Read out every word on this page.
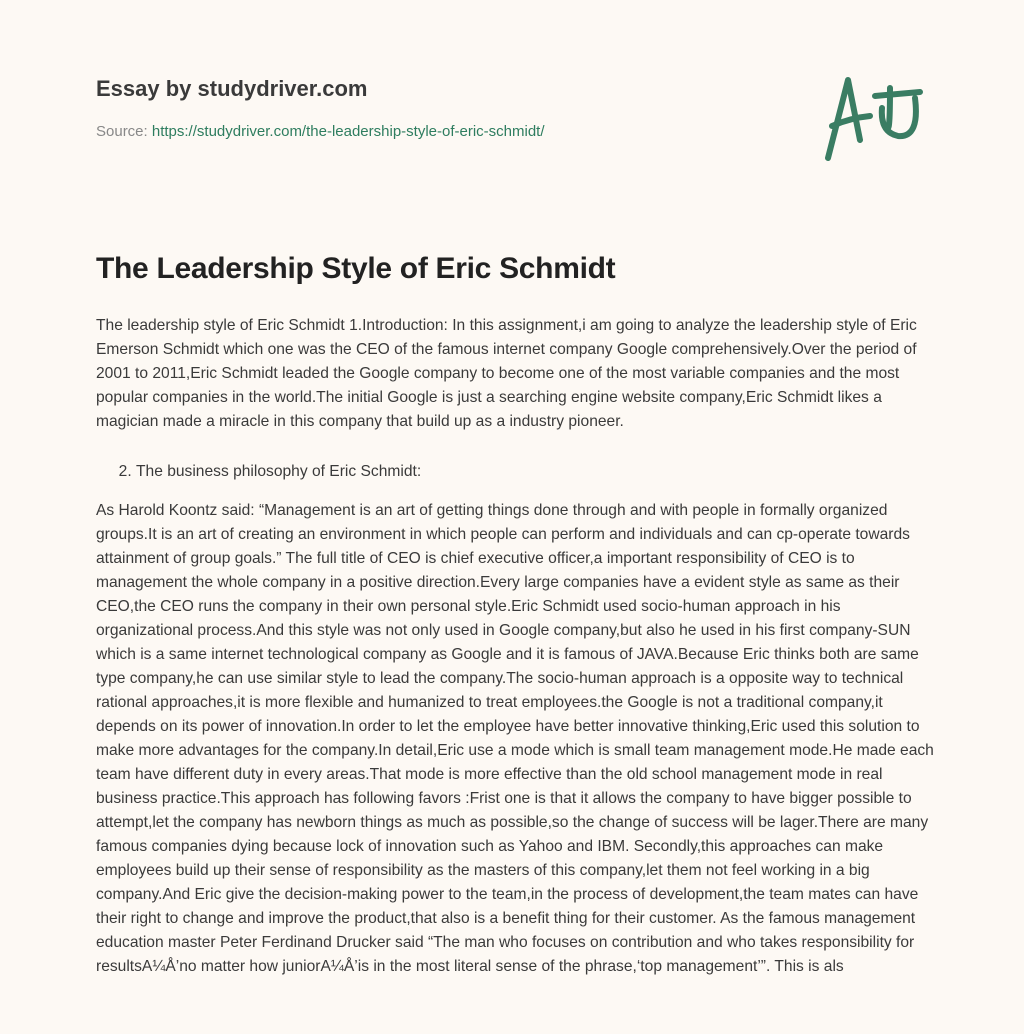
Essay by studydriver.com
Source: https://studydriver.com/the-leadership-style-of-eric-schmidt/
The Leadership Style of Eric Schmidt

The leadership style of Eric Schmidt 1.Introduction: In this assignment,i am going to analyze the leadership style of Eric Emerson Schmidt which one was the CEO of the famous internet company Google comprehensively.Over the period of 2001 to 2011,Eric Schmidt leaded the Google company to become one of the most variable companies and the most popular companies in the world.The initial Google is just a searching engine website company,Eric Schmidt likes a magician made a miracle in this company that build up as a industry pioneer.

2. The business philosophy of Eric Schmidt:

As Harold Koontz said: “Management is an art of getting things done through and with people in formally organized groups.It is an art of creating an environment in which people can perform and individuals and can cp-operate towards attainment of group goals.” The full title of CEO is chief executive officer,a important responsibility of CEO is to management the whole company in a positive direction.Every large companies have a evident style as same as their CEO,the CEO runs the company in their own personal style.Eric Schmidt used socio-human approach in his organizational process.And this style was not only used in Google company,but also he used in his first company-SUN which is a same internet technological company as Google and it is famous of JAVA.Because Eric thinks both are same type company,he can use similar style to lead the company.The socio-human approach is a opposite way to technical rational approaches,it is more flexible and humanized to treat employees.the Google is not a traditional company,it depends on its power of innovation.In order to let the employee have better innovative thinking,Eric used this solution to make more advantages for the company.In detail,Eric use a mode which is small team management mode.He made each team have different duty in every areas.That mode is more effective than the old school management mode in real business practice.This approach has following favors :Frist one is that it allows the company to have bigger possible to attempt,let the company has newborn things as much as possible,so the change of success will be lager.There are many famous companies dying because lock of innovation such as Yahoo and IBM. Secondly,this approaches can make employees build up their sense of responsibility as the masters of this company,let them not feel working in a big company.And Eric give the decision-making power to the team,in the process of development,the team mates can have their right to change and improve the product,that also is a benefit thing for their customer. As the famous management education master Peter Ferdinand Drucker said “The man who focuses on contribution and who takes responsibility for resultsA¼Å’no matter how juniorA¼Å’is in the most literal sense of the phrase,‘top management’”. This is als
